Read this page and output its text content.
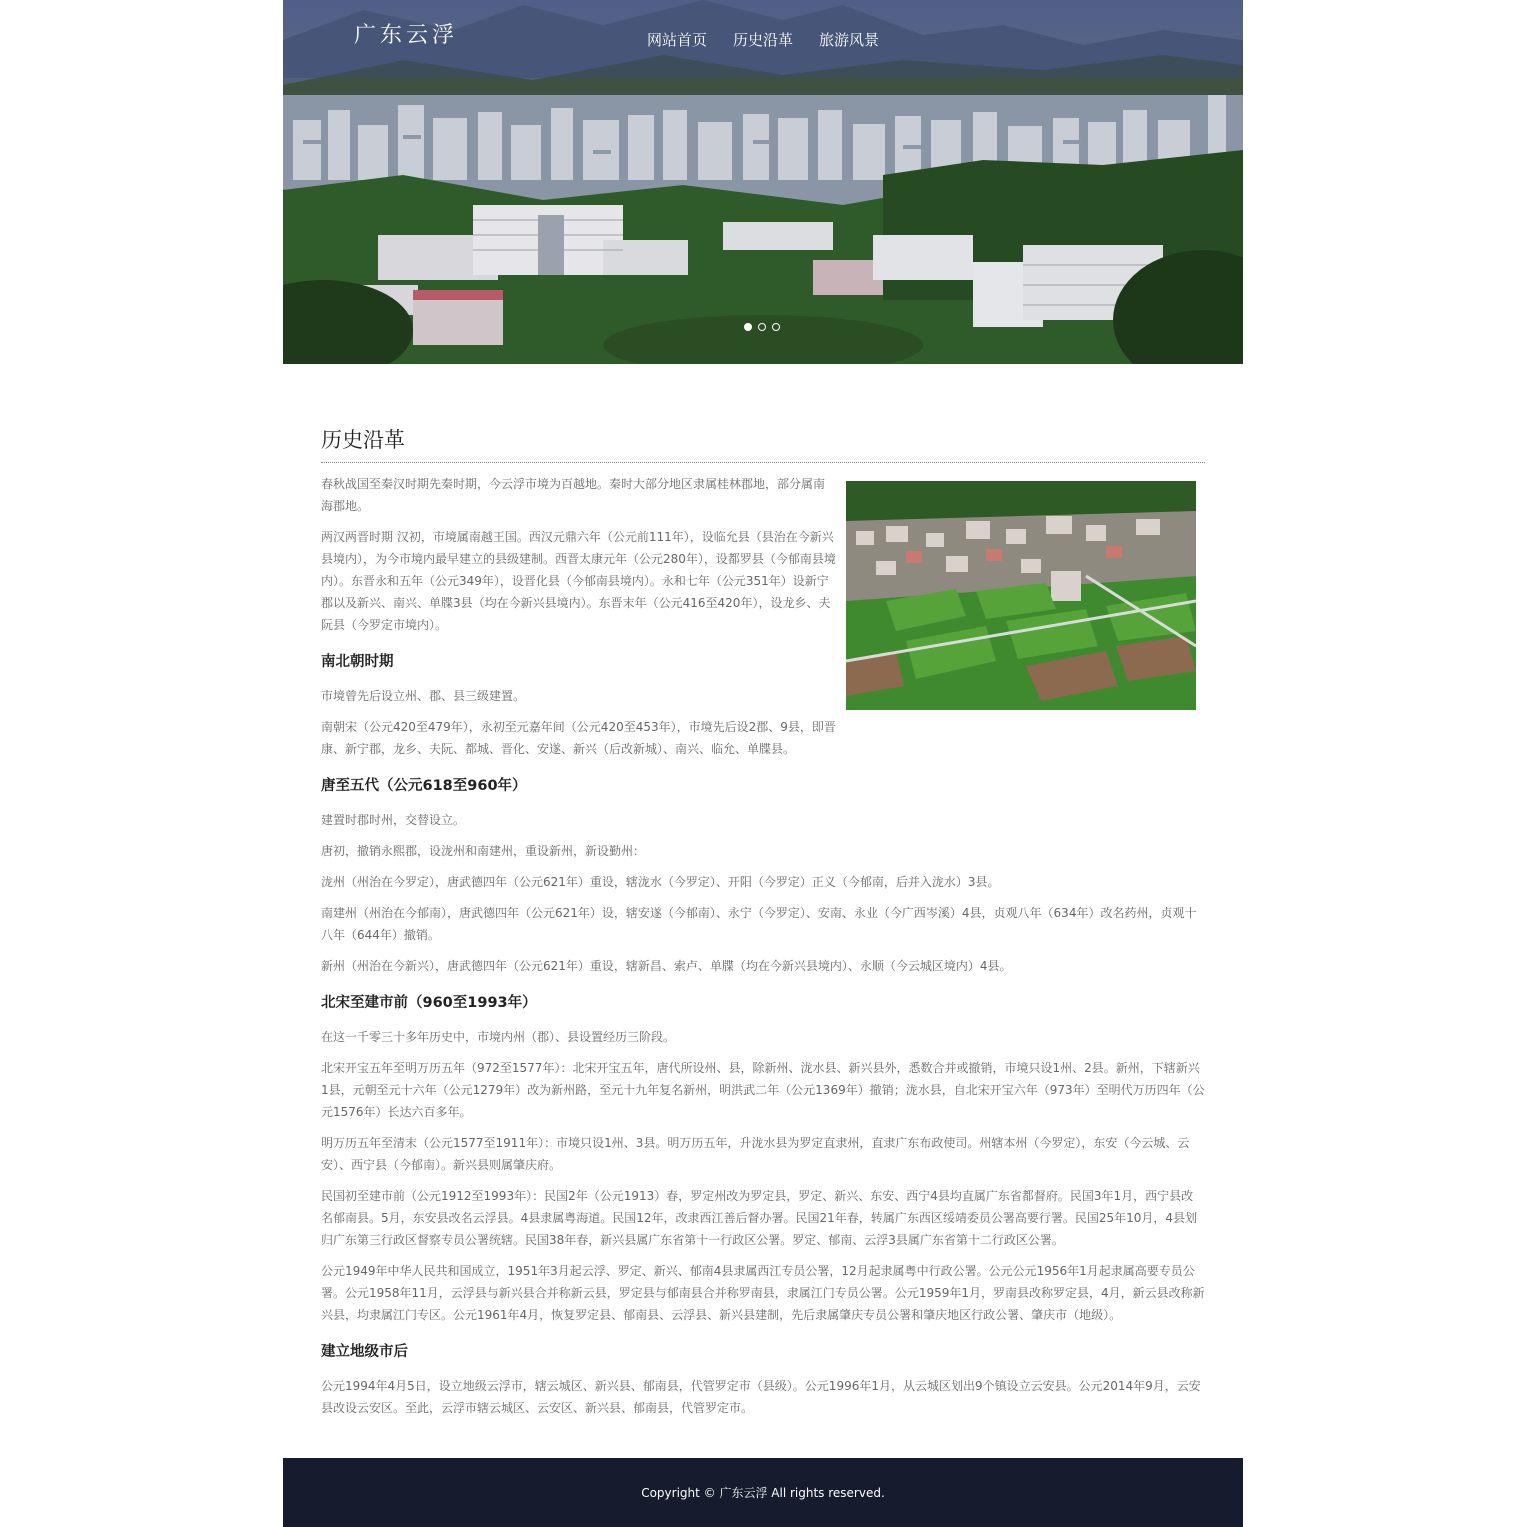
广东云浮	网站首页 历史沿革 旅游风景
历史沿革

春秋战国至秦汉时期先秦时期，今云浮市境为百越地。秦时大部分地区隶属桂林郡地，部分属南海郡地。

两汉两晋时期 汉初，市境属南越王国。西汉元鼎六年（公元前111年），设临允县（县治在今新兴县境内），为今市境内最早建立的县级建制。西晋太康元年（公元280年），设都罗县（今郁南县境内）。东晋永和五年（公元349年），设晋化县（今郁南县境内）。永和七年（公元351年）设新宁郡以及新兴、南兴、单牒3县（均在今新兴县境内）。东晋末年（公元416至420年），设龙乡、夫阮县（今罗定市境内）。

南北朝时期

市境曾先后设立州、郡、县三级建置。

南朝宋（公元420至479年），永初至元嘉年间（公元420至453年），市境先后设2郡、9县，即晋康、新宁郡，龙乡、夫阮、都城、晋化、安遂、新兴（后改新城）、南兴、临允、单牒县。

唐至五代（公元618至960年）

建置时郡时州，交替设立。

唐初，撤销永熙郡，设泷州和南建州，重设新州，新设勤州：

泷州（州治在今罗定），唐武德四年（公元621年）重设，辖泷水（今罗定）、开阳（今罗定）正义（今郁南，后并入泷水）3县。

南建州（州治在今郁南），唐武德四年（公元621年）设，辖安遂（今郁南）、永宁（今罗定）、安南、永业（今广西岑溪）4县，贞观八年（634年）改名药州，贞观十八年（644年）撤销。

新州（州治在今新兴），唐武德四年（公元621年）重设，辖新昌、索卢、单牒（均在今新兴县境内）、永顺（今云城区境内）4县。

北宋至建市前（960至1993年）

在这一千零三十多年历史中，市境内州（郡）、县设置经历三阶段。

北宋开宝五年至明万历五年（972至1577年）：北宋开宝五年，唐代所设州、县，除新州、泷水县、新兴县外，悉数合并或撤销，市境只设1州、2县。新州，下辖新兴1县，元朝至元十六年（公元1279年）改为新州路，至元十九年复名新州，明洪武二年（公元1369年）撤销；泷水县，自北宋开宝六年（973年）至明代万历四年（公元1576年）长达六百多年。

明万历五年至清末（公元1577至1911年）：市境只设1州、3县。明万历五年，升泷水县为罗定直隶州，直隶广东布政使司。州辖本州（今罗定），东安（今云城、云安）、西宁县（今郁南）。新兴县则属肇庆府。

民国初至建市前（公元1912至1993年）：民国2年（公元1913）春，罗定州改为罗定县，罗定、新兴、东安、西宁4县均直属广东省都督府。民国3年1月，西宁县改名郁南县。5月，东安县改名云浮县。4县隶属粤海道。民国12年，改隶西江善后督办署。民国21年春，转属广东西区绥靖委员公署高要行署。民国25年10月，4县划归广东第三行政区督察专员公署统辖。民国38年春，新兴县属广东省第十一行政区公署。罗定、郁南、云浮3县属广东省第十二行政区公署。

公元1949年中华人民共和国成立，1951年3月起云浮、罗定、新兴、郁南4县隶属西江专员公署，12月起隶属粤中行政公署。公元公元1956年1月起隶属高要专员公署。公元1958年11月，云浮县与新兴县合并称新云县，罗定县与郁南县合并称罗南县，隶属江门专员公署。公元1959年1月，罗南县改称罗定县，4月，新云县改称新兴县，均隶属江门专区。公元1961年4月，恢复罗定县、郁南县、云浮县、新兴县建制，先后隶属肇庆专员公署和肇庆地区行政公署、肇庆市（地级）。

建立地级市后

公元1994年4月5日，设立地级云浮市，辖云城区、新兴县、郁南县，代管罗定市（县级）。公元1996年1月，从云城区划出9个镇设立云安县。公元2014年9月，云安县改设云安区。至此，云浮市辖云城区、云安区、新兴县、郁南县，代管罗定市。

Copyright © 广东云浮 All rights reserved.
